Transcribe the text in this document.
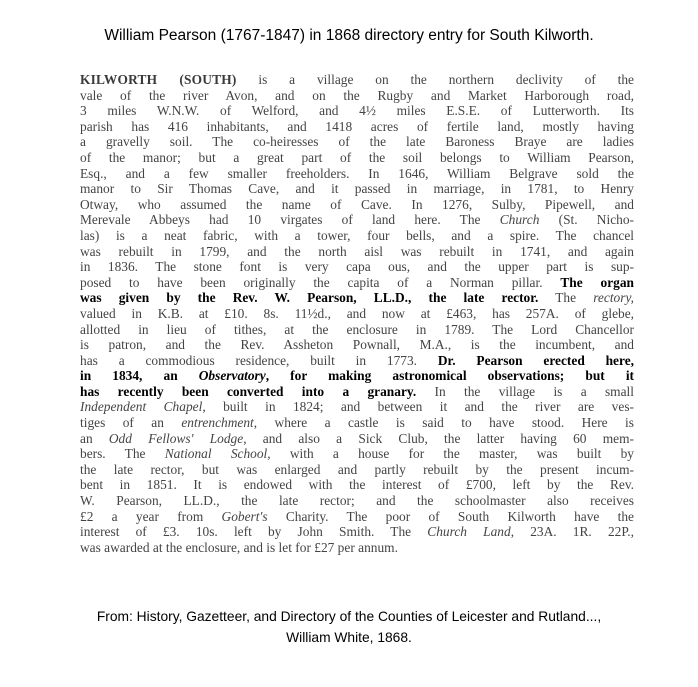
William Pearson (1767-1847) in 1868 directory entry for South Kilworth.
KILWORTH (SOUTH) is a village on the northern declivity of the
vale of the river Avon, and on the Rugby and Market Harborough road,
3 miles W.N.W. of Welford, and 4½ miles E.S.E. of Lutterworth. Its
parish has 416 inhabitants, and 1418 acres of fertile land, mostly having
a gravelly soil. The co-heiresses of the late Baroness Braye are ladies
of the manor; but a great part of the soil belongs to William Pearson,
Esq., and a few smaller freeholders. In 1646, William Belgrave sold the
manor to Sir Thomas Cave, and it passed in marriage, in 1781, to Henry
Otway, who assumed the name of Cave. In 1276, Sulby, Pipewell, and
Merevale Abbeys had 10 virgates of land here. The Church (St. Nicho-
las) is a neat fabric, with a tower, four bells, and a spire. The chancel
was rebuilt in 1799, and the north aisl was rebuilt in 1741, and again
in 1836. The stone font is very capa ous, and the upper part is sup-
posed to have been originally the capita of a Norman pillar. The organ
was given by the Rev. W. Pearson, LL.D., the late rector. The rectory,
valued in K.B. at £10. 8s. 11½d., and now at £463, has 257A. of glebe,
allotted in lieu of tithes, at the enclosure in 1789. The Lord Chancellor
is patron, and the Rev. Assheton Pownall, M.A., is the incumbent, and
has a commodious residence, built in 1773. Dr. Pearson erected here,
in 1834, an Observatory, for making astronomical observations; but it
has recently been converted into a granary. In the village is a small
Independent Chapel, built in 1824; and between it and the river are ves-
tiges of an entrenchment, where a castle is said to have stood. Here is
an Odd Fellows' Lodge, and also a Sick Club, the latter having 60 mem-
bers. The National School, with a house for the master, was built by
the late rector, but was enlarged and partly rebuilt by the present incum-
bent in 1851. It is endowed with the interest of £700, left by the Rev.
W. Pearson, LL.D., the late rector; and the schoolmaster also receives
£2 a year from Gobert's Charity. The poor of South Kilworth have the
interest of £3. 10s. left by John Smith. The Church Land, 23A. 1R. 22P.,
was awarded at the enclosure, and is let for £27 per annum.
From: History, Gazetteer, and Directory of the Counties of Leicester and Rutland...,
William White, 1868.
